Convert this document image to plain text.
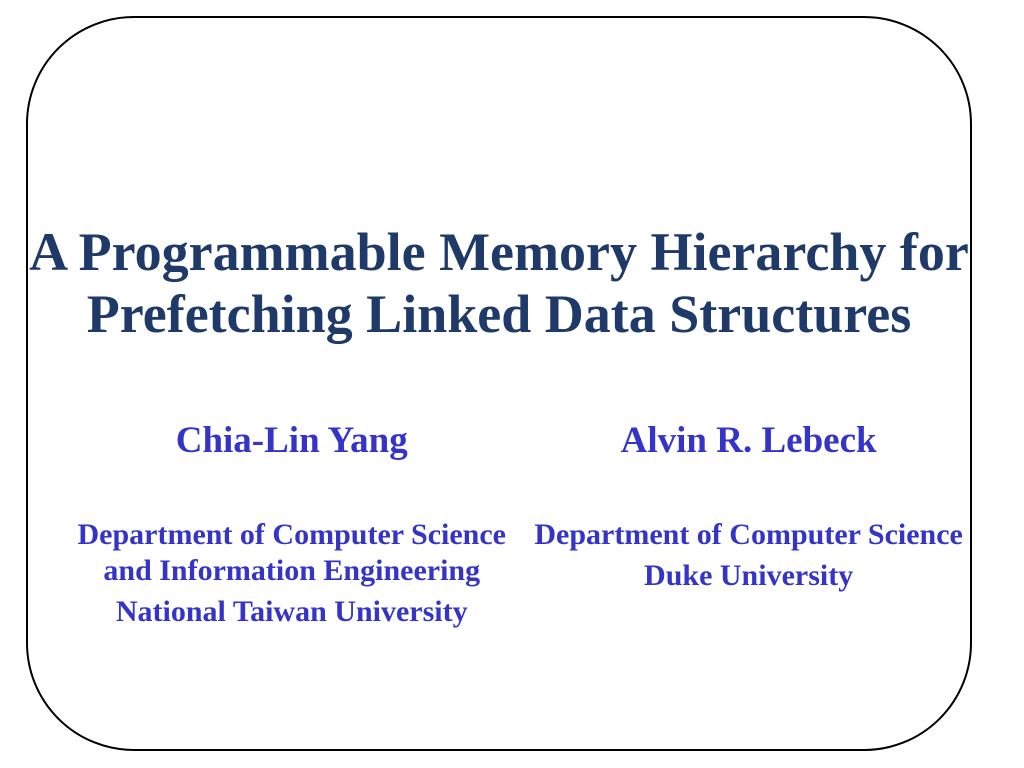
A Programmable Memory Hierarchy for
Prefetching Linked Data Structures
Chia-Lin Yang
Department of Computer Science
and Information Engineering
National Taiwan University
Alvin R. Lebeck
Department of Computer Science
Duke University
